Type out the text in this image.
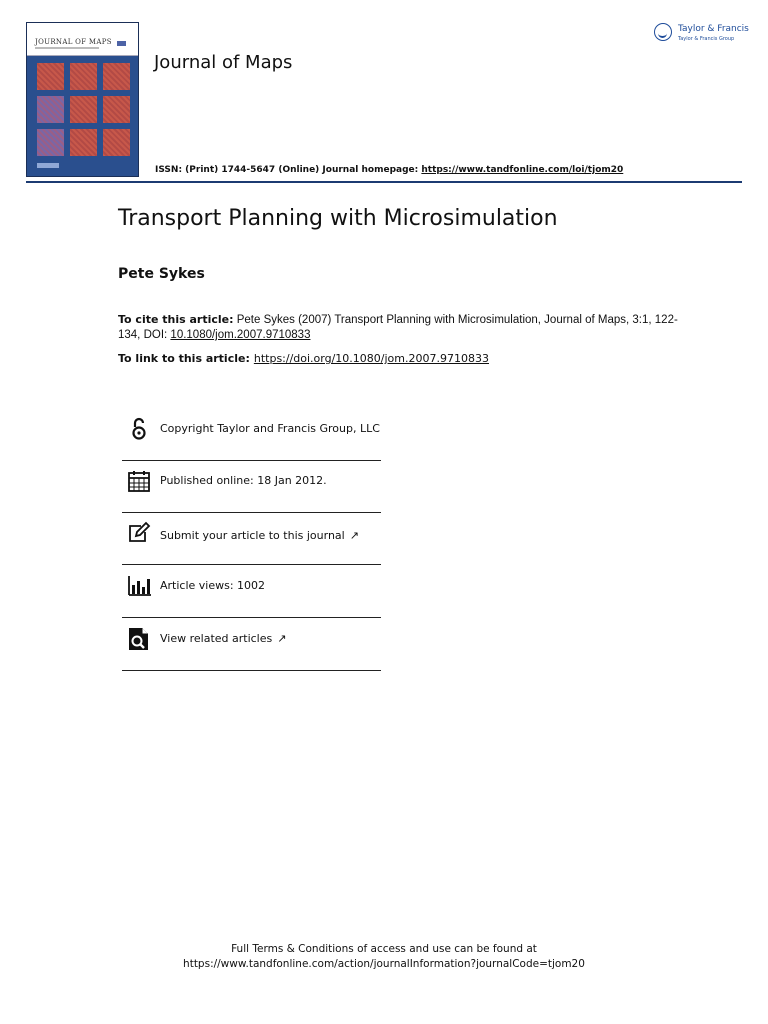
JOURNAL OF MAPS
Journal of Maps
ISSN: (Print) 1744-5647 (Online) Journal homepage: https://www.tandfonline.com/loi/tjom20
Taylor & Francis
Taylor & Francis Group
Transport Planning with Microsimulation
Pete Sykes
To cite this article: Pete Sykes (2007) Transport Planning with Microsimulation, Journal of Maps, 3:1, 122-134, DOI: 10.1080/jom.2007.9710833
To link to this article: https://doi.org/10.1080/jom.2007.9710833
Copyright Taylor and Francis Group, LLC
Published online: 18 Jan 2012.
Submit your article to this journal ↗
Article views: 1002
View related articles ↗
Full Terms & Conditions of access and use can be found at
https://www.tandfonline.com/action/journalInformation?journalCode=tjom20
